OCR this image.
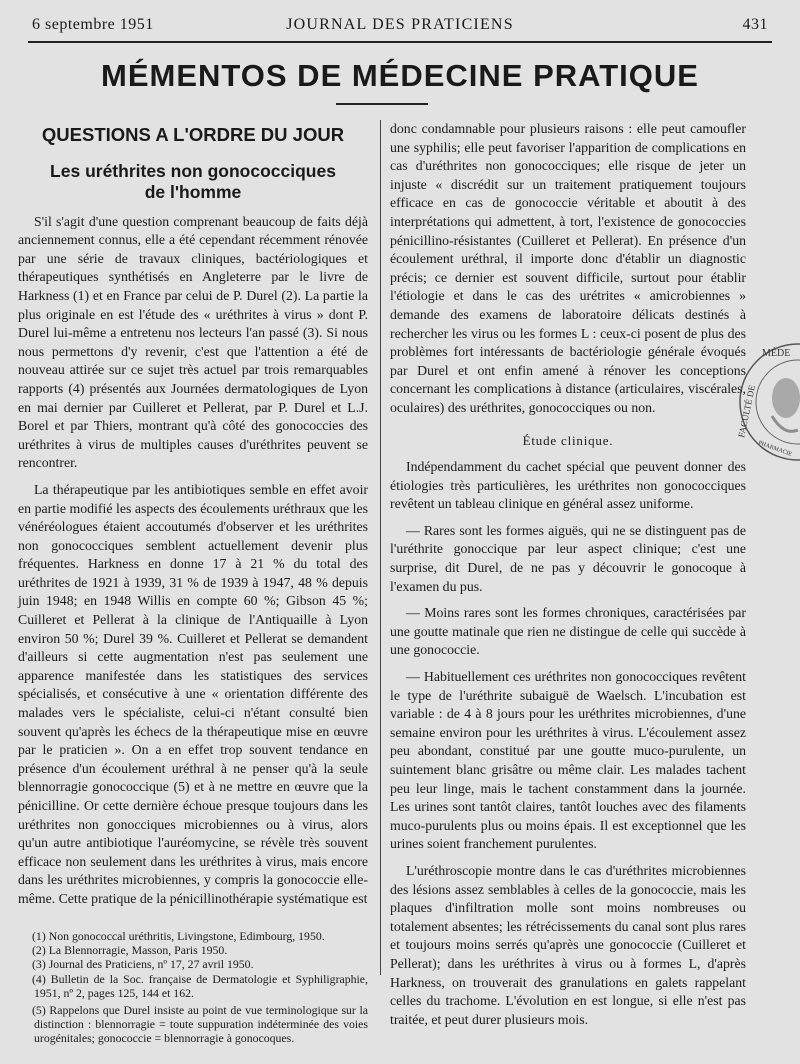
6 septembre 1951	JOURNAL DES PRATICIENS	431
MÉMENTOS DE MÉDECINE PRATIQUE
QUESTIONS A L'ORDRE DU JOUR
Les uréthrites non gonococciques
de l'homme

S'il s'agit d'une question comprenant beaucoup de faits déjà anciennement connus, elle a été cependant récemment rénovée par une série de travaux cliniques, bactériologiques et thérapeutiques synthétisés en Angleterre par le livre de Harkness (1) et en France par celui de P. Durel (2). La partie la plus originale en est l'étude des « uréthrites à virus » dont P. Durel lui-même a entretenu nos lecteurs l'an passé (3). Si nous nous permettons d'y revenir, c'est que l'attention a été de nouveau attirée sur ce sujet très actuel par trois remarquables rapports (4) présentés aux Journées dermatologiques de Lyon en mai dernier par Cuilleret et Pellerat, par P. Durel et L.J. Borel et par Thiers, montrant qu'à côté des gonococcies des uréthrites à virus de multiples causes d'uréthrites peuvent se rencontrer.

La thérapeutique par les antibiotiques semble en effet avoir en partie modifié les aspects des écoulements uréthraux que les vénéréologues étaient accoutumés d'observer et les uréthrites non gonococciques semblent actuellement devenir plus fréquentes. Harkness en donne 17 à 21 % du total des uréthrites de 1921 à 1939, 31 % de 1939 à 1947, 48 % depuis juin 1948; en 1948 Willis en compte 60 %; Gibson 45 %; Cuilleret et Pellerat à la clinique de l'Antiquaille à Lyon environ 50 %; Durel 39 %. Cuilleret et Pellerat se demandent d'ailleurs si cette augmentation n'est pas seulement une apparence manifestée dans les statistiques des services spécialisés, et consécutive à une « orientation différente des malades vers le spécialiste, celui-ci n'étant consulté bien souvent qu'après les échecs de la thérapeutique mise en œuvre par le praticien ». On a en effet trop souvent tendance en présence d'un écoulement uréthral à ne penser qu'à la seule blennorragie gonococcique (5) et à ne mettre en œuvre que la pénicilline. Or cette dernière échoue presque toujours dans les uréthrites non gonocciques microbiennes ou à virus, alors qu'un autre antibiotique l'auréomycine, se révèle très souvent efficace non seulement dans les uréthrites à virus, mais encore dans les uréthrites microbiennes, y compris la gonococcie elle-même. Cette pratique de la pénicillinothérapie systématique est

(1) Non gonococcal uréthritis, Livingstone, Edimbourg, 1950.
(2) La Blennorragie, Masson, Paris 1950.
(3) Journal des Praticiens, nº 17, 27 avril 1950.
(4) Bulletin de la Soc. française de Dermatologie et Syphiligraphie, 1951, nº 2, pages 125, 144 et 162.
(5) Rappelons que Durel insiste au point de vue terminologique sur la distinction : blennorragie = toute suppuration indéterminée des voies urogénitales; gonococcie = blennorragie à gonocoques.

donc condamnable pour plusieurs raisons : elle peut camoufler une syphilis; elle peut favoriser l'apparition de complications en cas d'uréthrites non gonococciques; elle risque de jeter un injuste « discrédit sur un traitement pratiquement toujours efficace en cas de gonococcie véritable et aboutit à des interprétations qui admettent, à tort, l'existence de gonococcies pénicillino-résistantes (Cuilleret et Pellerat). En présence d'un écoulement uréthral, il importe donc d'établir un diagnostic précis; ce dernier est souvent difficile, surtout pour établir l'étiologie et dans le cas des urétrites « amicrobiennes » demande des examens de laboratoire délicats destinés à rechercher les virus ou les formes L : ceux-ci posent de plus des problèmes fort intéressants de bactériologie générale évoqués par Durel et ont enfin amené à rénover les conceptions concernant les complications à distance (articulaires, viscérales, oculaires) des uréthrites, gonococciques ou non.

Étude clinique.

Indépendamment du cachet spécial que peuvent donner des étiologies très particulières, les uréthrites non gonococciques revêtent un tableau clinique en général assez uniforme.

— Rares sont les formes aiguës, qui ne se distinguent pas de l'uréthrite gonoccique par leur aspect clinique; c'est une surprise, dit Durel, de ne pas y découvrir le gonocoque à l'examen du pus.

— Moins rares sont les formes chroniques, caractérisées par une goutte matinale que rien ne distingue de celle qui succède à une gonococcie.

— Habituellement ces uréthrites non gonococciques revêtent le type de l'uréthrite subaiguë de Waelsch. L'incubation est variable : de 4 à 8 jours pour les uréthrites microbiennes, d'une semaine environ pour les uréthrites à virus. L'écoulement assez peu abondant, constitué par une goutte muco-purulente, un suintement blanc grisâtre ou même clair. Les malades tachent peu leur linge, mais le tachent constamment dans la journée. Les urines sont tantôt claires, tantôt louches avec des filaments muco-purulents plus ou moins épais. Il est exceptionnel que les urines soient franchement purulentes.

L'uréthroscopie montre dans le cas d'uréthrites microbiennes des lésions assez semblables à celles de la gonococcie, mais les plaques d'infiltration molle sont moins nombreuses ou totalement absentes; les rétrécissements du canal sont plus rares et toujours moins serrés qu'après une gonococcie (Cuilleret et Pellerat); dans les uréthrites à virus ou à formes L, d'après Harkness, on trouverait des granulations en galets rappelant celles du trachome. L'évolution en est longue, si elle n'est pas traitée, et peut durer plusieurs mois.

MÉDE
FACULTÉ DE
PHARMACIE
